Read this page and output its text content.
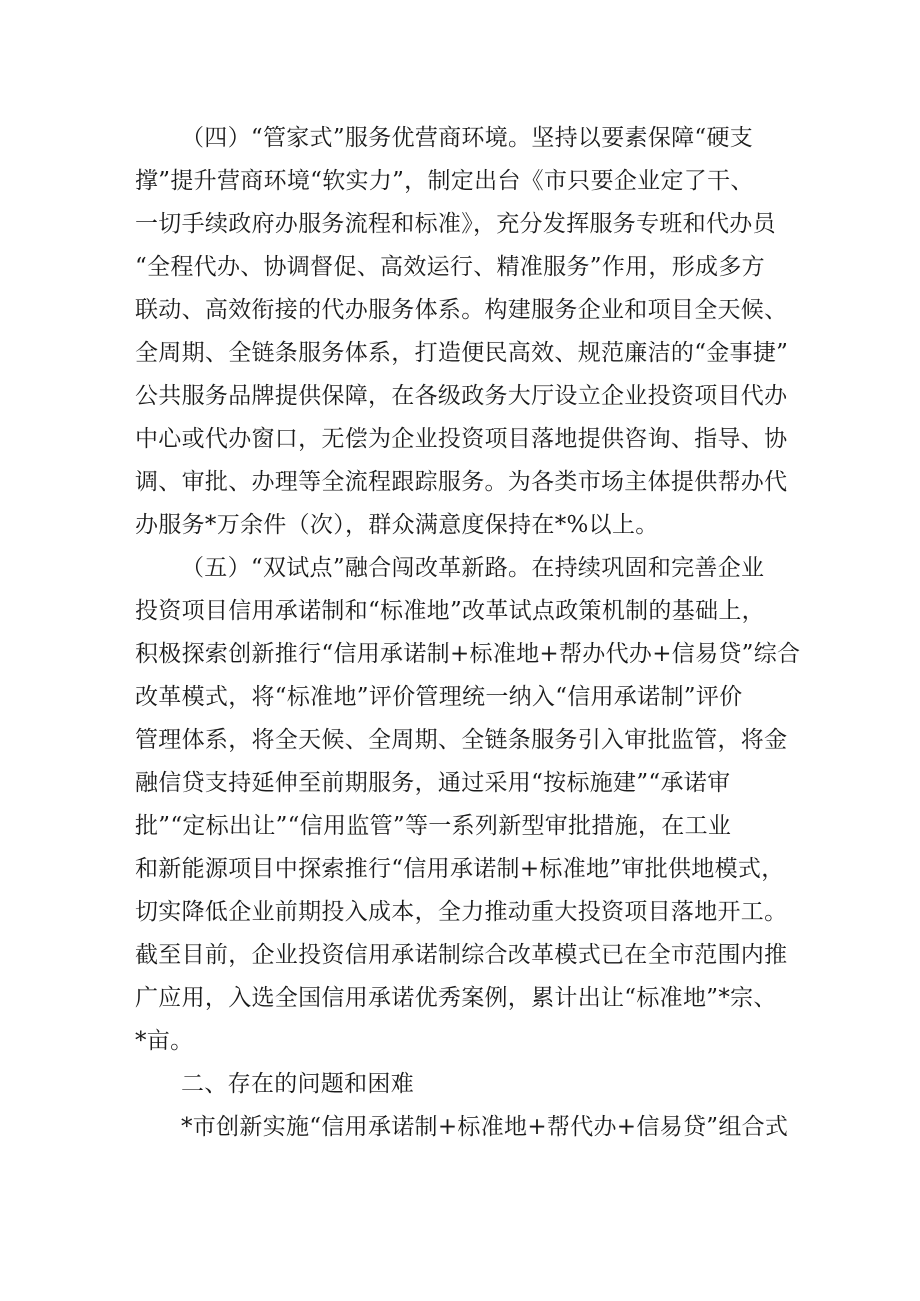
（四）“管家式”服务优营商环境。坚持以要素保障“硬支
撑”提升营商环境“软实力”，制定出台《市只要企业定了干、
一切手续政府办服务流程和标准》，充分发挥服务专班和代办员
“全程代办、协调督促、高效运行、精准服务”作用，形成多方
联动、高效衔接的代办服务体系。构建服务企业和项目全天候、
全周期、全链条服务体系，打造便民高效、规范廉洁的“金事捷”
公共服务品牌提供保障，在各级政务大厅设立企业投资项目代办
中心或代办窗口，无偿为企业投资项目落地提供咨询、指导、协
调、审批、办理等全流程跟踪服务。为各类市场主体提供帮办代
办服务*万余件（次），群众满意度保持在*%以上。
（五）“双试点”融合闯改革新路。在持续巩固和完善企业
投资项目信用承诺制和“标准地”改革试点政策机制的基础上，
积极探索创新推行“信用承诺制+标准地+帮办代办+信易贷”综合
改革模式，将“标准地”评价管理统一纳入“信用承诺制”评价
管理体系，将全天候、全周期、全链条服务引入审批监管，将金
融信贷支持延伸至前期服务，通过采用“按标施建”“承诺审
批”“定标出让”“信用监管”等一系列新型审批措施，在工业
和新能源项目中探索推行“信用承诺制+标准地”审批供地模式，
切实降低企业前期投入成本，全力推动重大投资项目落地开工。
截至目前，企业投资信用承诺制综合改革模式已在全市范围内推
广应用，入选全国信用承诺优秀案例，累计出让“标准地”*宗、
*亩。
二、存在的问题和困难
*市创新实施“信用承诺制+标准地+帮代办+信易贷”组合式
